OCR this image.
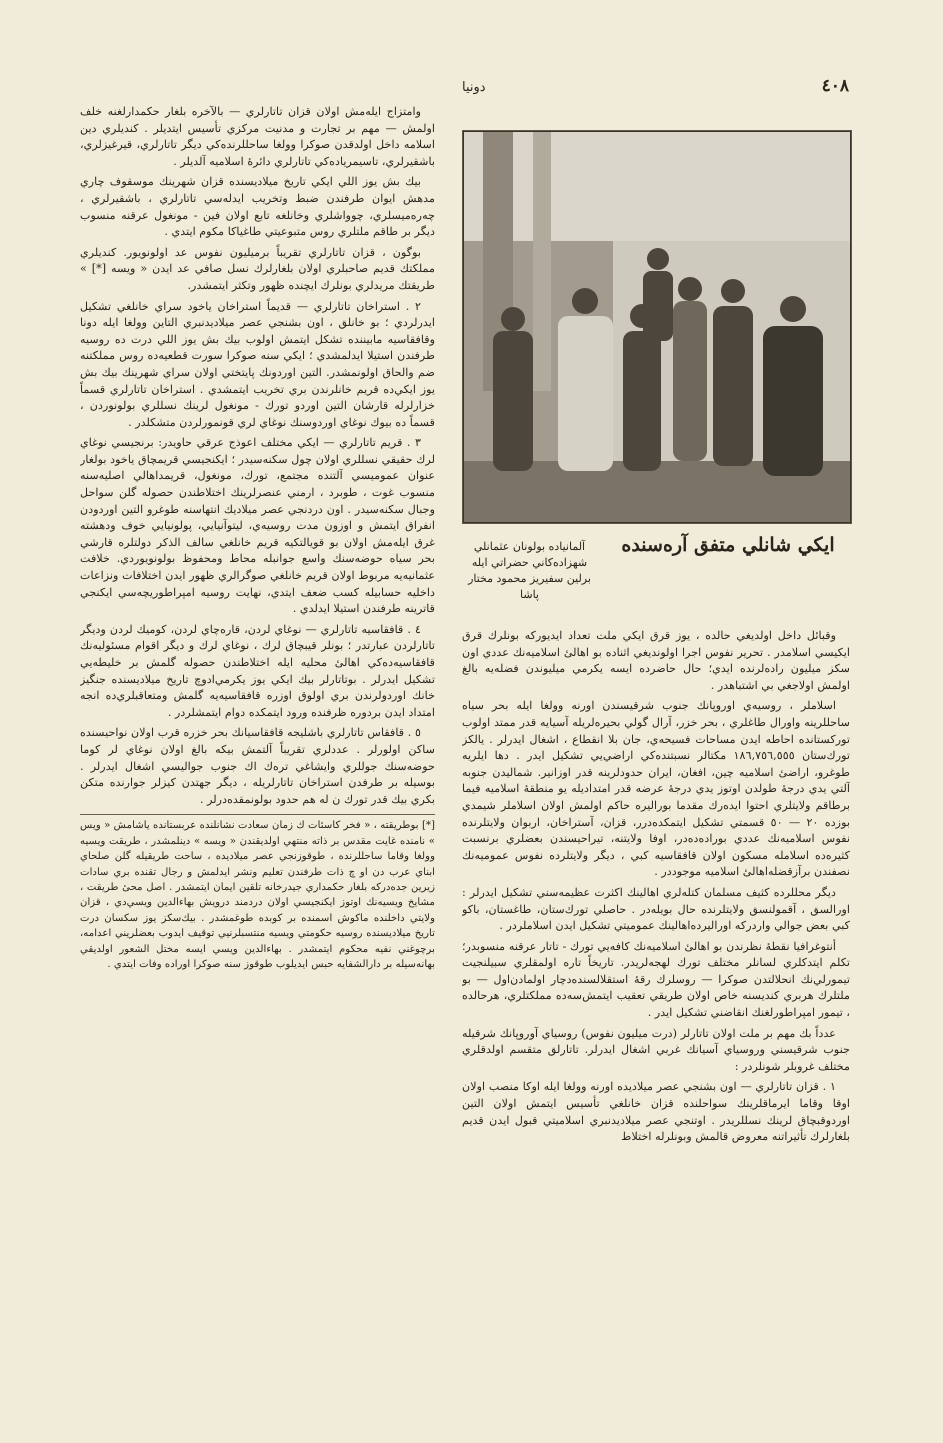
٤٠٨
دونيا

وامتزاج ايلەمش اولان قزان تاتارلري — بالآخره بلغار حكمدارلغنه خلف اولمش — مهم بر تجارت و مدنيت مركزي تأسيس ايتديلر . كنديلري دين اسلامه داخل اولدقدن صوكرا وولغا ساحللرنده‌كي ديگر تاتارلري، قيرغيزلري، باشقيرلري، تاسيمريادەكي تاتارلري دائرۀ اسلامیه آلديلر .

بيك بش يوز اللي ايكي تاريخ ميلاديسنده قزان شهرينك موسقوف چاري مدهش ايوان طرفندن ضبط وتخريب ايدلەسي تاتارلري ، باشقيرلري ، چەرەميسلري، چوواشلري وخانلغه تابع اولان فين - مونغول عرقنه منسوب ديگر بر طاقم ملتلري روس متبوعيتي طاغياكا مكوم ايتدي .

بوگون ، قزان تاتارلري تقريباً برميليون نفوس عد اولونويور. كنديلري مملكتك قديم صاحبلري اولان بلغارلرك نسل صافي عد ايدن « ويسه [*] » طريقتك مريدلري بونلرك ايچنده ظهور وتكثر ايتمشدر.

٢ . استراخان تاتارلري — قديماً استراخان ياخود سراي خانلغي تشكيل ايدرلردي ؛ بو خانلق ، اون بشنجي عصر ميلاديدنبري التاين وولغا ايله دونا وقافقاسيه مابيننده تشكل ايتمش اولوب بيك بش يوز اللي درت ده روسيه طرفندن استيلا ايدلمشدي ؛ ايكي سنه صوكرا سورت قطعیه‌ده روس مملكتنه ضم والحاق اولونمشدر. التين اوردونك پايتختي اولان سراي شهرينك بيك بش يوز ايكي‌ده قريم خانلرندن بري تخريب ايتمشدي . استراخان تاتارلري قسماً خزارلرله قارشان التين اوردو تورك - مونغول لرينك نسللري بولونوردن ، قسماً ده بيوك نوغاي اوردوسنك نوغاي لري قونمورلردن متشكلدر .

٣ . قريم تاتارلري — ايكي مختلف اعوذج عرقي حاويدر: برنجيسي نوغاي لرك حقيقي نسللري اولان چول سكنه‌سيدر ؛ ايكنجيسي قريمچاق ياخود بولغار عنوان عموميسي آلتنده مجتمع، تورك، مونغول، قريمداهالي اصليه‌سنه منسوب غوت ، طوبرد ، ارمني عنصرلرينك اختلاطندن حصوله گلن سواحل وجبال سكنه‌سيدر . اون دردنجي عصر ميلاديك انتهاسنه طوغرو التين اوردودن انفراق ايتمش و اوزون مدت روسيه‌ي، ليتوآنيايي، پولونيايي خوف ودهشته غرق ايلەمش اولان بو قويالتكيه قريم خانلغي سالف الذكر دولتلره قارشي بحر سياه حوضه‌سنك واسع جوانبله محاط ومحفوظ بولونويوردي. خلافت عثمانيه‌يه مربوط اولان قريم خانلغي صوگرالري ظهور ايدن اختلافات ونزاعات داخليه حسابيله كسب ضعف ايتدي، نهايت روسيه امپراطوريچه‌سي ايكنجي قاترينه طرفندن استيلا ايدلدي .

٤ . قافقاسيه تاتارلري — نوغاي لردن، قاره‌چاي لردن، كوميك لردن وديگر تاتارلردن عبارتدر ؛ بونلر قيبچاق لرك ، نوغاي لرك و ديگر اقوام مسئوليه‌نك قافقاسيه‌ده‌كي اهالیٔ محليه ايله اختلاطندن حصوله گلمش بر خليطه‌يي تشكيل ايدرلر . بوتاتارلر بيك ايكي يوز يكرمي‌ادوچ تاريخ ميلاديسنده جنگيز خانك اوردولرندن بري اولوق اوزره قافقاسيه‌يه گلمش ومتعاقبلري‌ده انجه امتداد ايدن بردوره ظرفنده ورود ايتمكده دوام ايتمشلردر .

٥ . قافقاس تاتارلري باشليجه قافقاسيانك بحر خزره قرب اولان نواحيسنده ساكن اولورلر . عددلري تقريباً آلتمش بيكه بالغ اولان نوغاي لر كوما حوضه‌سنك جوللري وايشاغي ترەك اك جنوب جواليسي اشغال ايدرلر . بوسيله بر طرفدن استراخان تاتارلريله ، ديگر جهتدن كيزلر جوارنده متكن بكري بيك قدر تورك ن‌ له هم حدود بولونمقده‌درلر .

[*] بوطريقته ، « فخر كاسئات ك زمان سعادت نشانلنده عربستانده ياشامش « ويس » نامنده غايت مقدس بر ذاته منتهي اولديقندن « ويسه » دينلمشدر ، طريقت ويسيه وولغا وقاما ساحللرنده ، طوقوزنجي عصر ميلاديده ، ساحت طريقيله گلن صلحاي ابناي عرب دن او چ ذات طرفندن تعليم ونشر ايدلمش و رجال تقنده بري سادات زيرين جده‌دركه بلغار حكمداري جيدرخانه تلقين ايمان ايتمشدر . اصل محیٔ طريقت ، مشايخ ويسيه‌نك اوتوز ايكنجيسي اولان دردمند درويش بهاءالدين ويسي‌دي ، قزان ولايتي داخلنده ماكوش اسمنده بر كوبده طوغمشدر . بيك‌سكز يوز سكسان درت تاريخ ميلاديسنده روسيه حكومتي ويسيه منتسبلرنيي توقيف ايدوب بعضلريني اعدامه، برچوغني نفيه محكوم ايتمشدر . بهاءالدين ويسي ايسه مختل الشعور اولديقي بهانه‌سيله بر دارالشفايه حبس ايديلوب طوقوز سنه صوكرا اوراده وفات ايتدي .
ايكي شانلي متفق آره‌سنده
آلمانياده بولونان عثمانلي شهزاده‌كاني حضراتي ايله برلين سفيريز محمود مختار پاشا

وقبائل داخل اولديغي حالده ، يوز قرق ايكي ملت تعداد ايديوركه بونلرك قرق ايكيسي اسلامدر . تحرير نفوس اجرا اولونديغي اثنادە بو اهالیٔ اسلاميه‌نك عددي اون سكز ميليون راده‌لرنده ايدي؛ حال حاضرده ايسه يكرمي ميليوندن فضله‌يه بالغ اولمش اولاجغي بي اشتباهدر .

اسلاملر ، روسيه‌ي اوروپانك جنوب شرقيسندن اورنه وولغا ايله بحر سياه ساحللرينه واورال طاغلري ، بحر خزر، آرال گولي بحيرەلريله آسيايه قدر ممتد اولوب توركستانده احاطه ايدن مساحات فسيحه‌ي، جان بلا انقطاع ، اشغال ايدرلر . يالكز تورك‌ستان ١٨٦,٧٥٦,٥٥٥ مكتالر نسبتنده‌كي اراضي‌يي تشكيل ايدر . دها ايلريه طوغرو، اراضیٔ اسلاميه چين، افغان، ايران حدودلرينه قدر اوزانير. شماليدن جنوبه آلتي يدي درجۀ طولدن اوتوز يدي درجۀ عرضه قدر امتداديله‌ يو منطقۀ اسلاميه فيما برطاقم ولايتلري احتوا ايدەرك مقدما بوراليره حاكم اولمش اولان اسلاملر شيمدي بوزده ٢٠ — ٥٠ قسمتي تشكيل ايتمكده‌درر، قزان، آستراخان، اربوان ولايتلرنده نفوس اسلاميه‌نك عددي بوراده‌دەدر، اوفا ولايتنه، تيراحيسندن بعضلري برنسبت كثيره‌ده اسلامله مسكون اولان قافقاسيه كبي ، ديگر ولايتلرده نفوس عموميه‌نك نصفندن برآزقضله‌اهالیٔ اسلاميه موجوددر .

ديگر محللرده كثيف مسلمان كتلەلري اهالينك اكثرت عظيمه‌سني تشكيل ايدرلر : اورالسق ، آقمولنسق ولايتلرنده حال بويله‌در . حاصلي تورك‌ستان، طاغستان، باكو كبي بعض جوالي واردركه اوراليرده‌اهالينك عموميتي تشكيل ايدن اسلاملردر .

أنتوغرافيا نقطۀ نظرندن بو اهالیٔ اسلاميه‌نك كافه‌يي تورك - تاتار عرقنه منسوبدر؛ تكلم ايتدكلري لسانلر مختلف تورك لهجه‌لريدر. تاريخاً تاره اولمقلري سبيلنجيت تيمورلي‌نك انحلالتدن صوكرا — روسلرك رقۀ استقلالسنده‌دچار اولمادن‌اول — بو ملتلرك هربري كنديسنه خاص اولان طريقي تعقيب ايتمش‌سەده مملكتلري، هرحالده ، تيمور امپراطورلغنك انقاضني تشكيل ايدر .

عدداً بك مهم بر ملت اولان تاتارلر (درت ميليون نفوس) روسياي آوروپانك شرقيله جنوب شرقيسني وروسياي آسيانك غربي اشغال ايدرلر. تاتارلق متقسم اولدقلري مختلف غروبلر شونلردر :

١ . قزان تاتارلري — اون بشنجي عصر ميلاديده اورنه وولغا ايله اوكا منصب اولان اوقا وقاما ايرماقلرينك سواحلنده قزان خانلغي تأسيس ايتمش اولان التين اوردوقبچاق لرينك نسللريدر . اوتنجي عصر ميلاديدنبري اسلاميتي قبول ايدن قديم بلغارلرك تأثيراتنه معروض قالمش وبونلرله اختلاط
